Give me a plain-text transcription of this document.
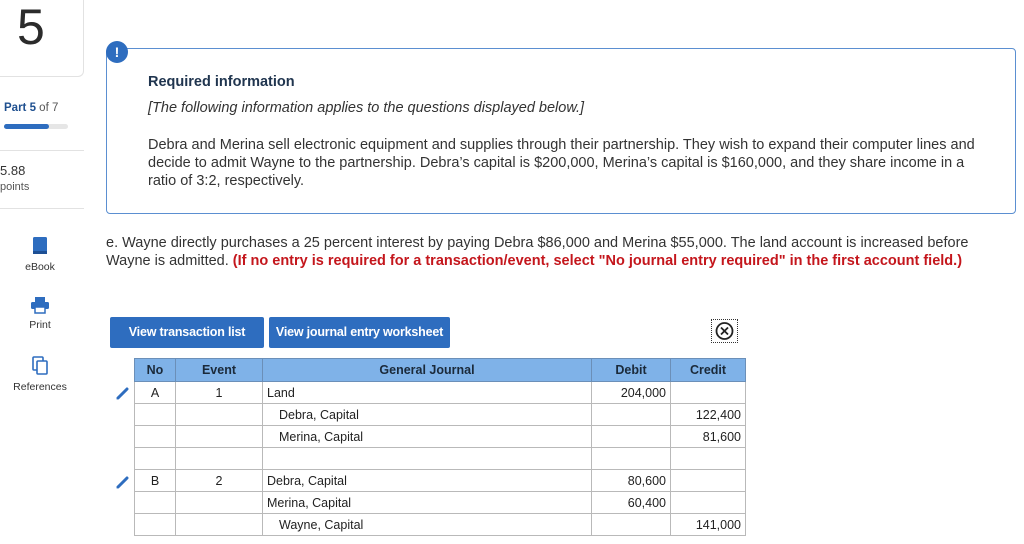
5
Part 5 of 7
5.88
points
eBook
Print
References
!
Required information
[The following information applies to the questions displayed below.]
Debra and Merina sell electronic equipment and supplies through their partnership. They wish to expand their computer lines and decide to admit Wayne to the partnership. Debra’s capital is $200,000, Merina’s capital is $160,000, and they share income in a ratio of 3:2, respectively.
e. Wayne directly purchases a 25 percent interest by paying Debra $86,000 and Merina $55,000. The land account is increased before Wayne is admitted. (If no entry is required for a transaction/event, select "No journal entry required" in the first account field.)
View transaction list	View journal entry worksheet
No	Event	General Journal	Debit	Credit
A	1	Land	204,000	
		Debra, Capital		122,400
		Merina, Capital		81,600

B	2	Debra, Capital	80,600	
		Merina, Capital	60,400	
		Wayne, Capital		141,000
